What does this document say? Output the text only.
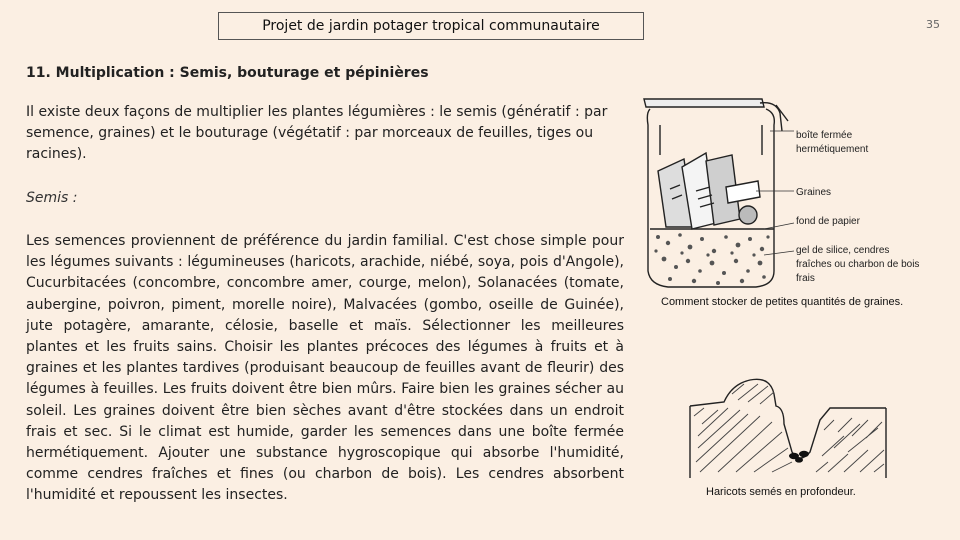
Projet de jardin potager tropical communautaire	35
11. Multiplication : Semis, bouturage et pépinières
Il existe deux façons de multiplier les plantes légumières : le semis (génératif : par semence, graines) et le bouturage (végétatif : par morceaux de feuilles, tiges ou racines).
Semis :
Les semences proviennent de préférence du jardin familial. C'est chose simple pour les légumes suivants : légumineuses (haricots, arachide, niébé, soya, pois d'Angole), Cucurbitacées (concombre, concombre amer, courge, melon), Solanacées (tomate, aubergine, poivron, piment, morelle noire), Malvacées (gombo, oseille de Guinée), jute potagère, amarante, célosie, baselle et maïs. Sélectionner les meilleures plantes et les fruits sains. Choisir les plantes précoces des légumes à fruits et à graines et les plantes tardives (produisant beaucoup de feuilles avant de fleurir) des légumes à feuilles. Les fruits doivent être bien mûrs. Faire bien les graines sécher au soleil. Les graines doivent être bien sèches avant d'être stockées dans un endroit frais et sec. Si le climat est humide, garder les semences dans une boîte fermée hermétiquement. Ajouter une substance hygroscopique qui absorbe l'humidité, comme cendres fraîches et fines (ou charbon de bois). Les cendres absorbent l'humidité et repoussent les insectes.
boîte fermée
hermétiquement
Graines
fond de papier
gel de silice, cendres
fraîches ou charbon de bois
frais
Comment stocker de petites quantités de graines.
Haricots semés en profondeur.
